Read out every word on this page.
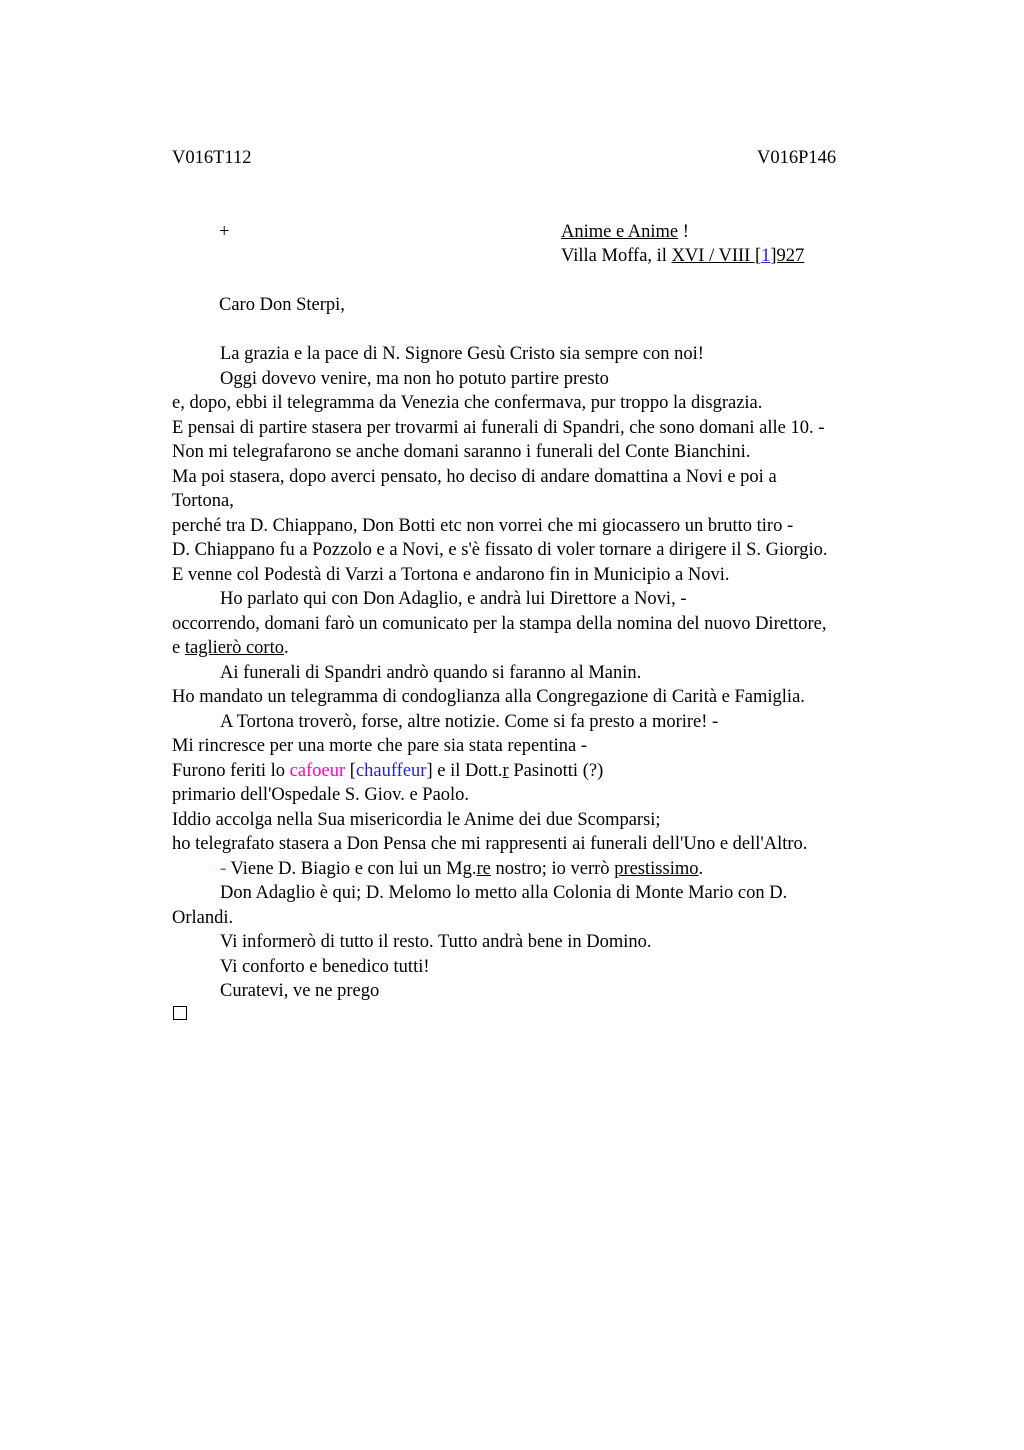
V016T112	V016P146
+	Anime e Anime !
Villa Moffa, il XVI / VIII [1]927
Caro Don Sterpi,
La grazia e la pace di N. Signore Gesù Cristo sia sempre con noi!
Oggi dovevo venire, ma non ho potuto partire presto
e, dopo, ebbi il telegramma da Venezia che confermava, pur troppo la disgrazia.
E pensai di partire stasera per trovarmi ai funerali di Spandri, che sono domani alle 10. -
Non mi telegrafarono se anche domani saranno i funerali del Conte Bianchini.
Ma poi stasera, dopo averci pensato, ho deciso di andare domattina a Novi e poi a
Tortona,
perché tra D. Chiappano, Don Botti etc non vorrei che mi giocassero un brutto tiro -
D. Chiappano fu a Pozzolo e a Novi, e s'è fissato di voler tornare a dirigere il S. Giorgio.
E venne col Podestà di Varzi a Tortona e andarono fin in Municipio a Novi.
Ho parlato qui con Don Adaglio, e andrà lui Direttore a Novi, -
occorrendo, domani farò un comunicato per la stampa della nomina del nuovo Direttore,
e taglierò corto.
Ai funerali di Spandri andrò quando si faranno al Manin.
Ho mandato un telegramma di condoglianza alla Congregazione di Carità e Famiglia.
A Tortona troverò, forse, altre notizie. Come si fa presto a morire! -
Mi rincresce per una morte che pare sia stata repentina -
Furono feriti lo cafoeur [chauffeur] e il Dott.r Pasinotti (?)
primario dell'Ospedale S. Giov. e Paolo.
Iddio accolga nella Sua misericordia le Anime dei due Scomparsi;
ho telegrafato stasera a Don Pensa che mi rappresenti ai funerali dell'Uno e dell'Altro.
- Viene D. Biagio e con lui un Mg.re nostro; io verrò prestissimo.
Don Adaglio è qui; D. Melomo lo metto alla Colonia di Monte Mario con D.
Orlandi.
Vi informerò di tutto il resto. Tutto andrà bene in Domino.
Vi conforto e benedico tutti!
Curatevi, ve ne prego
